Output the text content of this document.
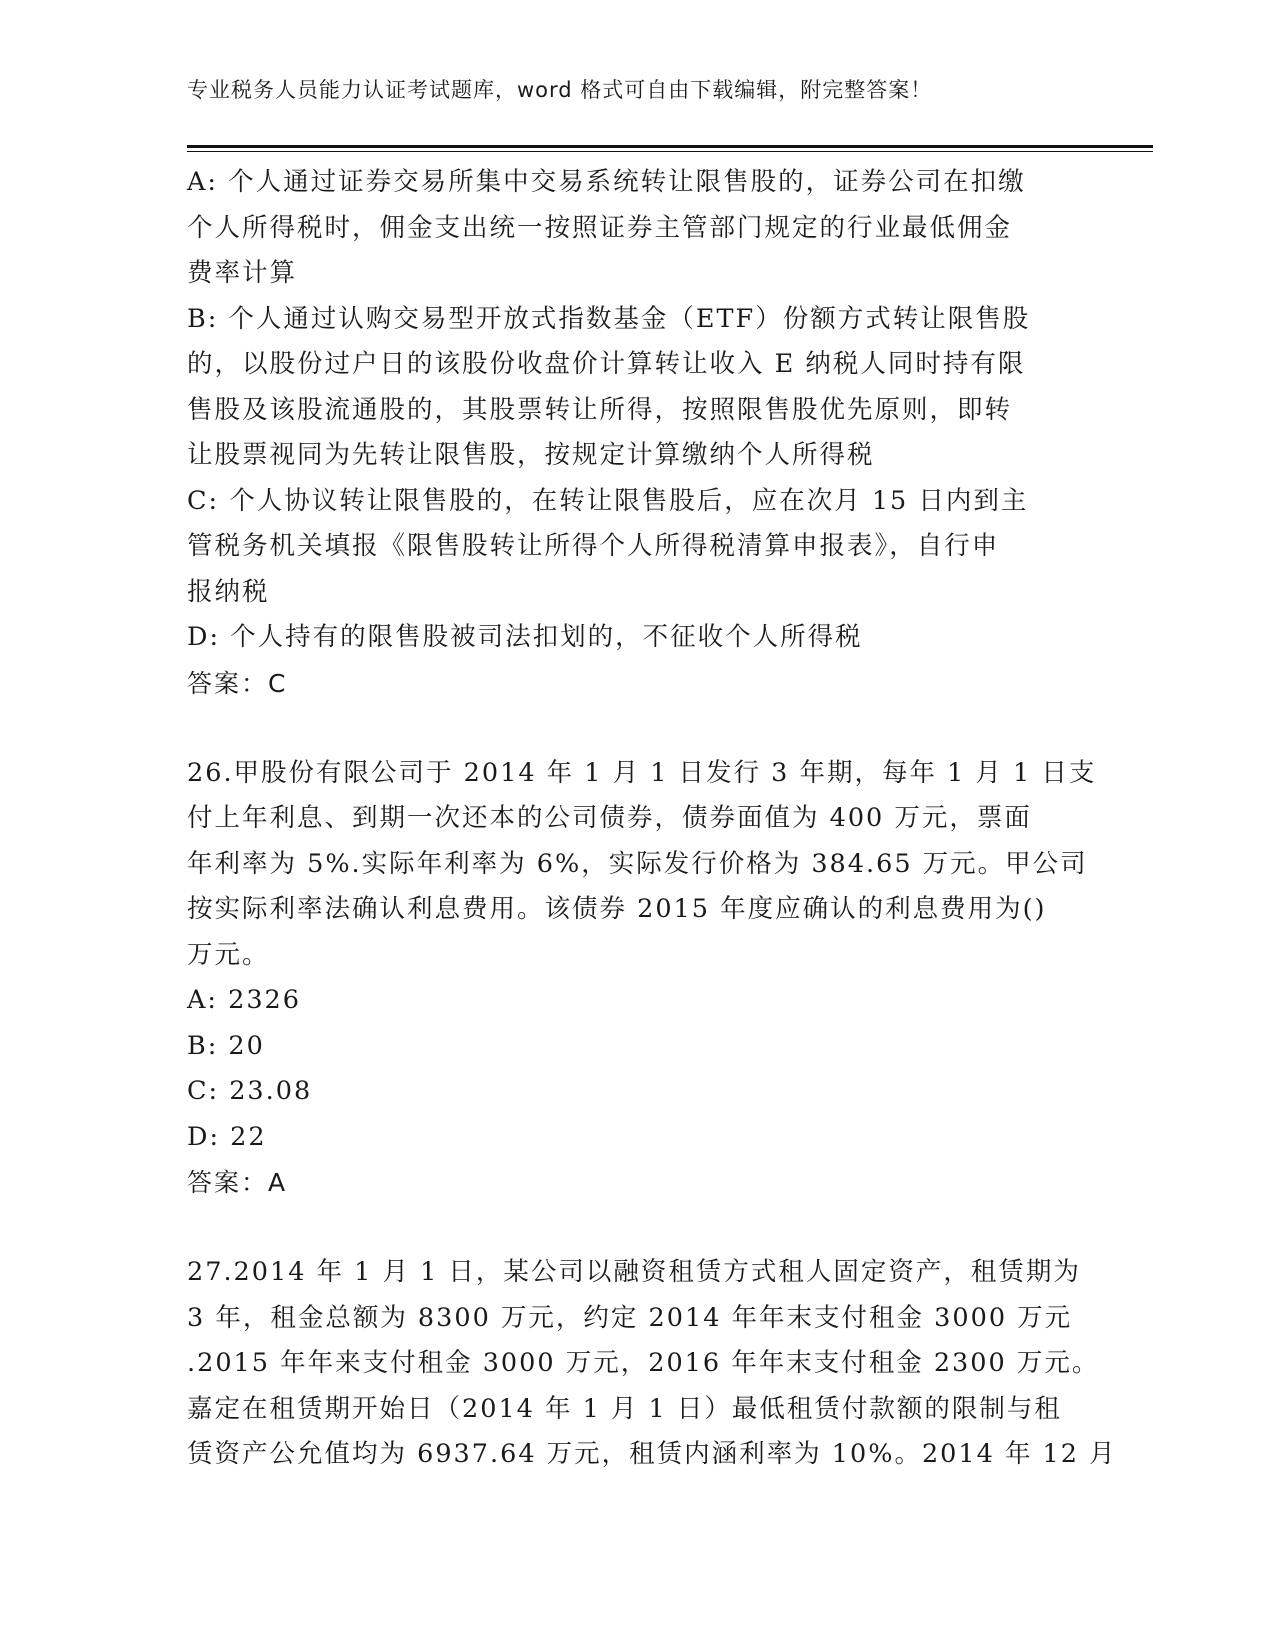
专业税务人员能力认证考试题库，word 格式可自由下载编辑，附完整答案！
A: 个人通过证券交易所集中交易系统转让限售股的，证券公司在扣缴
个人所得税时，佣金支出统一按照证券主管部门规定的行业最低佣金
费率计算
B: 个人通过认购交易型开放式指数基金（ETF）份额方式转让限售股
的，以股份过户日的该股份收盘价计算转让收入 E 纳税人同时持有限
售股及该股流通股的，其股票转让所得，按照限售股优先原则，即转
让股票视同为先转让限售股，按规定计算缴纳个人所得税
C: 个人协议转让限售股的，在转让限售股后，应在次月 15 日内到主
管税务机关填报《限售股转让所得个人所得税清算申报表》，自行申
报纳税
D: 个人持有的限售股被司法扣划的，不征收个人所得税
答案：C
26.甲股份有限公司于 2014 年 1 月 1 日发行 3 年期，每年 1 月 1 日支
付上年利息、到期一次还本的公司债券，债券面值为 400 万元，票面
年利率为 5%.实际年利率为 6%，实际发行价格为 384.65 万元。甲公司
按实际利率法确认利息费用。该债券 2015 年度应确认的利息费用为()
万元。
A: 2326
B: 20
C: 23.08
D: 22
答案：A
27.2014 年 1 月 1 日，某公司以融资租赁方式租人固定资产，租赁期为
3 年，租金总额为 8300 万元，约定 2014 年年末支付租金 3000 万元
.2015 年年来支付租金 3000 万元，2016 年年末支付租金 2300 万元。
嘉定在租赁期开始日（2014 年 1 月 1 日）最低租赁付款额的限制与租
赁资产公允值均为 6937.64 万元，租赁内涵利率为 10%。2014 年 12 月
